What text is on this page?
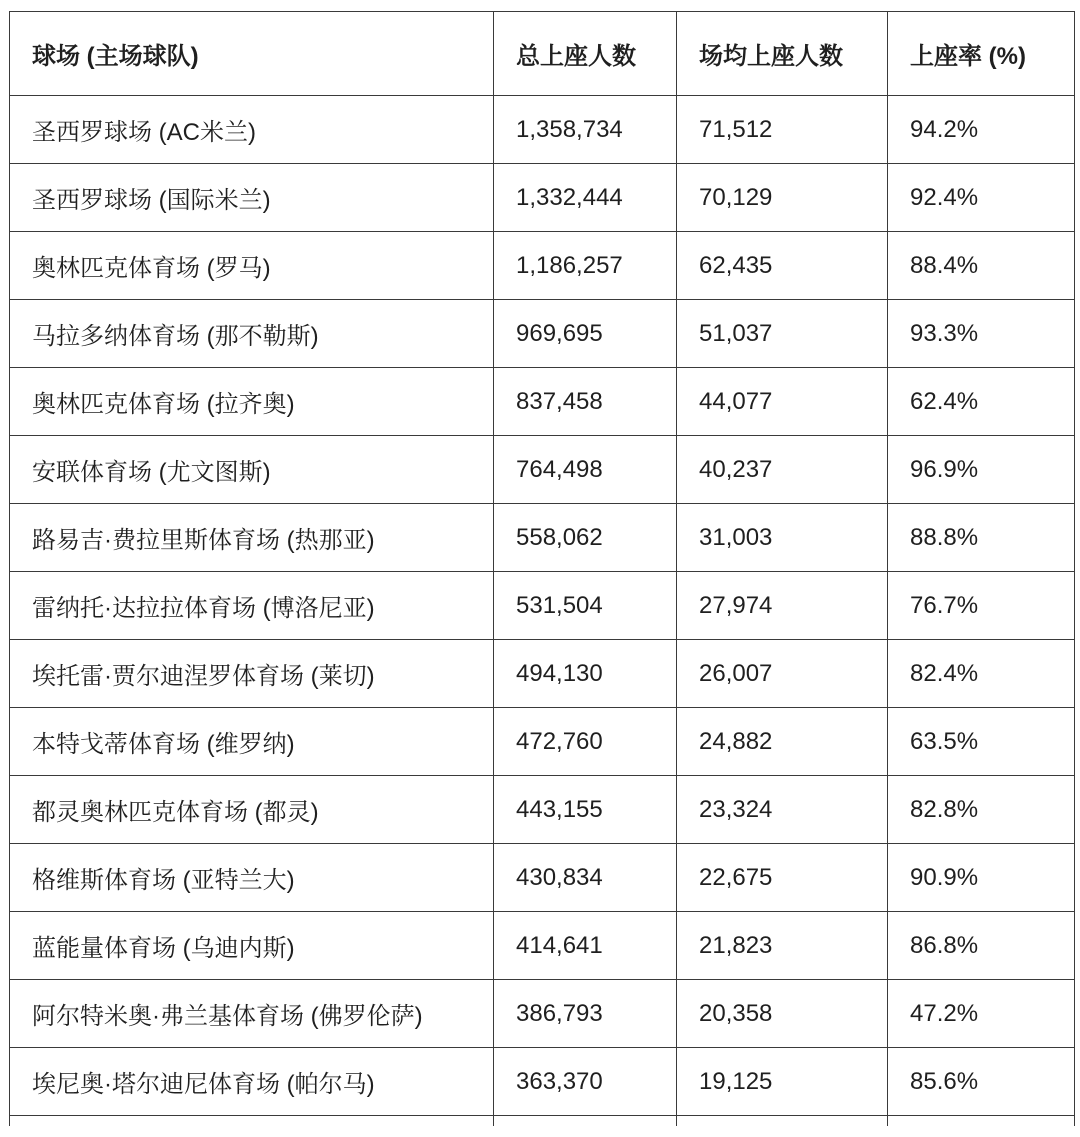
球场 (主场球队)	总上座人数	场均上座人数	上座率 (%)
圣西罗球场 (AC米兰)	1,358,734	71,512	94.2%
圣西罗球场 (国际米兰)	1,332,444	70,129	92.4%
奥林匹克体育场 (罗马)	1,186,257	62,435	88.4%
马拉多纳体育场 (那不勒斯)	969,695	51,037	93.3%
奥林匹克体育场 (拉齐奥)	837,458	44,077	62.4%
安联体育场 (尤文图斯)	764,498	40,237	96.9%
路易吉·费拉里斯体育场 (热那亚)	558,062	31,003	88.8%
雷纳托·达拉拉体育场 (博洛尼亚)	531,504	27,974	76.7%
埃托雷·贾尔迪涅罗体育场 (莱切)	494,130	26,007	82.4%
本特戈蒂体育场 (维罗纳)	472,760	24,882	63.5%
都灵奥林匹克体育场 (都灵)	443,155	23,324	82.8%
格维斯体育场 (亚特兰大)	430,834	22,675	90.9%
蓝能量体育场 (乌迪内斯)	414,641	21,823	86.8%
阿尔特米奥·弗兰基体育场 (佛罗伦萨)	386,793	20,358	47.2%
埃尼奥·塔尔迪尼体育场 (帕尔马)	363,370	19,125	85.6%
